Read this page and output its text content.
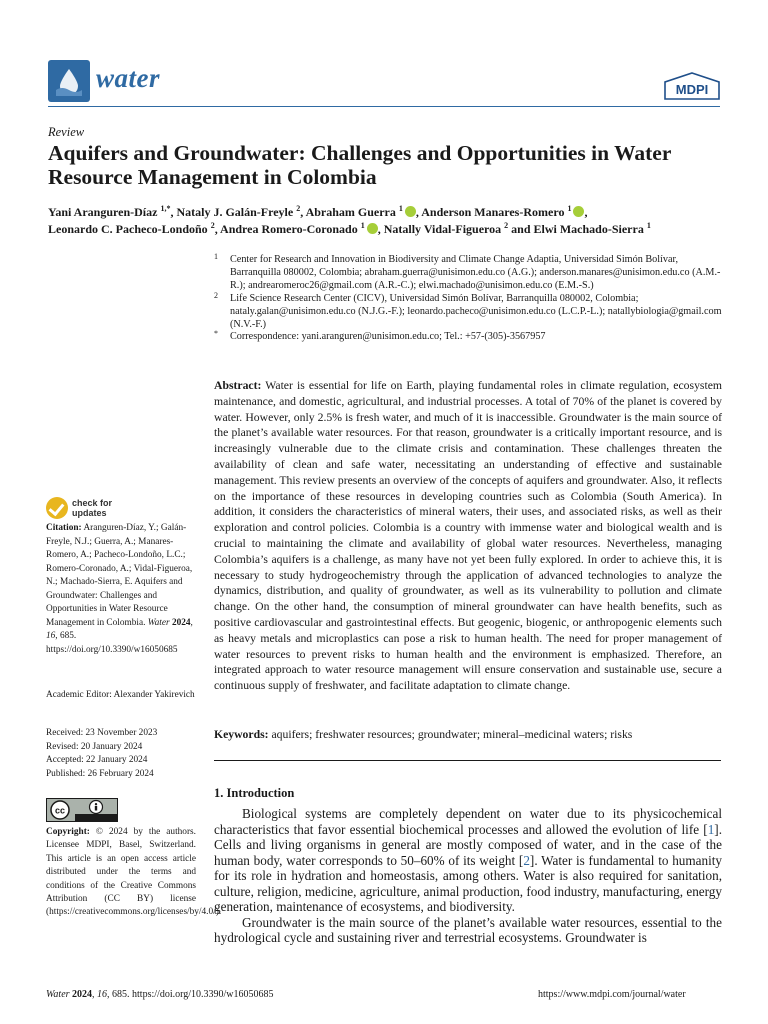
water	MDPI
Review
Aquifers and Groundwater: Challenges and Opportunities in Water Resource Management in Colombia
Yani Aranguren-Díaz $^{1,*}$, Nataly J. Galán-Freyle $^2$, Abraham Guerra $^1$ , Anderson Manares-Romero $^1$ ,
Leonardo C. Pacheco-Londoño $^2$, Andrea Romero-Coronado $^1$ , Natally Vidal-Figueroa $^2$ and Elwi Machado-Sierra $^1$
1 Center for Research and Innovation in Biodiversity and Climate Change Adaptia, Universidad Simón Bolívar, Barranquilla 080002, Colombia; abraham.guerra@unisimon.edu.co (A.G.); anderson.manares@unisimon.edu.co (A.M.-R.); andrearomeroc26@gmail.com (A.R.-C.); elwi.machado@unisimon.edu.co (E.M.-S.)
2 Life Science Research Center (CICV), Universidad Simón Bolívar, Barranquilla 080002, Colombia; nataly.galan@unisimon.edu.co (N.J.G.-F.); leonardo.pacheco@unisimon.edu.co (L.C.P.-L.); natallybiologia@gmail.com (N.V.-F.)
* Correspondence: yani.aranguren@unisimon.edu.co; Tel.: +57-(305)-3567957
Abstract: Water is essential for life on Earth, playing fundamental roles in climate regulation, ecosystem maintenance, and domestic, agricultural, and industrial processes. A total of 70% of the planet is covered by water. However, only 2.5% is fresh water, and much of it is inaccessible. Groundwater is the main source of the planet’s available water resources. For that reason, groundwater is a critically important resource, and is increasingly vulnerable due to the climate crisis and contamination. These challenges threaten the availability of clean and safe water, necessitating an understanding of effective and sustainable management. This review presents an overview of the concepts of aquifers and groundwater. Also, it reflects on the importance of these resources in developing countries such as Colombia (South America). In addition, it considers the characteristics of mineral waters, their uses, and associated risks, as well as their exploration and control policies. Colombia is a country with immense water and biological wealth and is crucial to maintaining the climate and availability of global water resources. Nevertheless, managing Colombia’s aquifers is a challenge, as many have not yet been fully explored. In order to achieve this, it is necessary to study hydrogeochemistry through the application of advanced technologies to analyze the dynamics, distribution, and quality of groundwater, as well as its vulnerability to pollution and climate change. On the other hand, the consumption of mineral groundwater can have health benefits, such as positive cardiovascular and gastrointestinal effects. But geogenic, biogenic, or anthropogenic elements such as heavy metals and microplastics can pose a risk to human health. The need for proper management of water resources to prevent risks to human health and the environment is emphasized. Therefore, an integrated approach to water resource management will ensure conservation and sustainable use, secure a continuous supply of freshwater, and facilitate adaptation to climate change.
Keywords: aquifers; freshwater resources; groundwater; mineral–medicinal waters; risks
1. Introduction

Biological systems are completely dependent on water due to its physicochemical characteristics that favor essential biochemical processes and allowed the evolution of life [1]. Cells and living organisms in general are mostly composed of water, and in the case of the human body, water corresponds to 50–60% of its weight [2]. Water is fundamental to humanity for its role in hydration and homeostasis, among others. Water is also required for sanitation, culture, religion, medicine, agriculture, animal production, food industry, manufacturing, energy generation, maintenance of ecosystems, and biodiversity.

Groundwater is the main source of the planet’s available water resources, essential to the hydrological cycle and sustaining river and terrestrial ecosystems. Groundwater is

check for updates
Citation: Aranguren-Díaz, Y.; Galán-Freyle, N.J.; Guerra, A.; Manares-Romero, A.; Pacheco-Londoño, L.C.; Romero-Coronado, A.; Vidal-Figueroa, N.; Machado-Sierra, E. Aquifers and Groundwater: Challenges and Opportunities in Water Resource Management in Colombia. Water 2024, 16, 685. https://doi.org/10.3390/w16050685
Academic Editor: Alexander Yakirevich
Received: 23 November 2023
Revised: 20 January 2024
Accepted: 22 January 2024
Published: 26 February 2024
cc
Copyright: © 2024 by the authors. Licensee MDPI, Basel, Switzerland. This article is an open access article distributed under the terms and conditions of the Creative Commons Attribution (CC BY) license (https://creativecommons.org/licenses/by/4.0/).
Water 2024, 16, 685. https://doi.org/10.3390/w16050685	https://www.mdpi.com/journal/water
